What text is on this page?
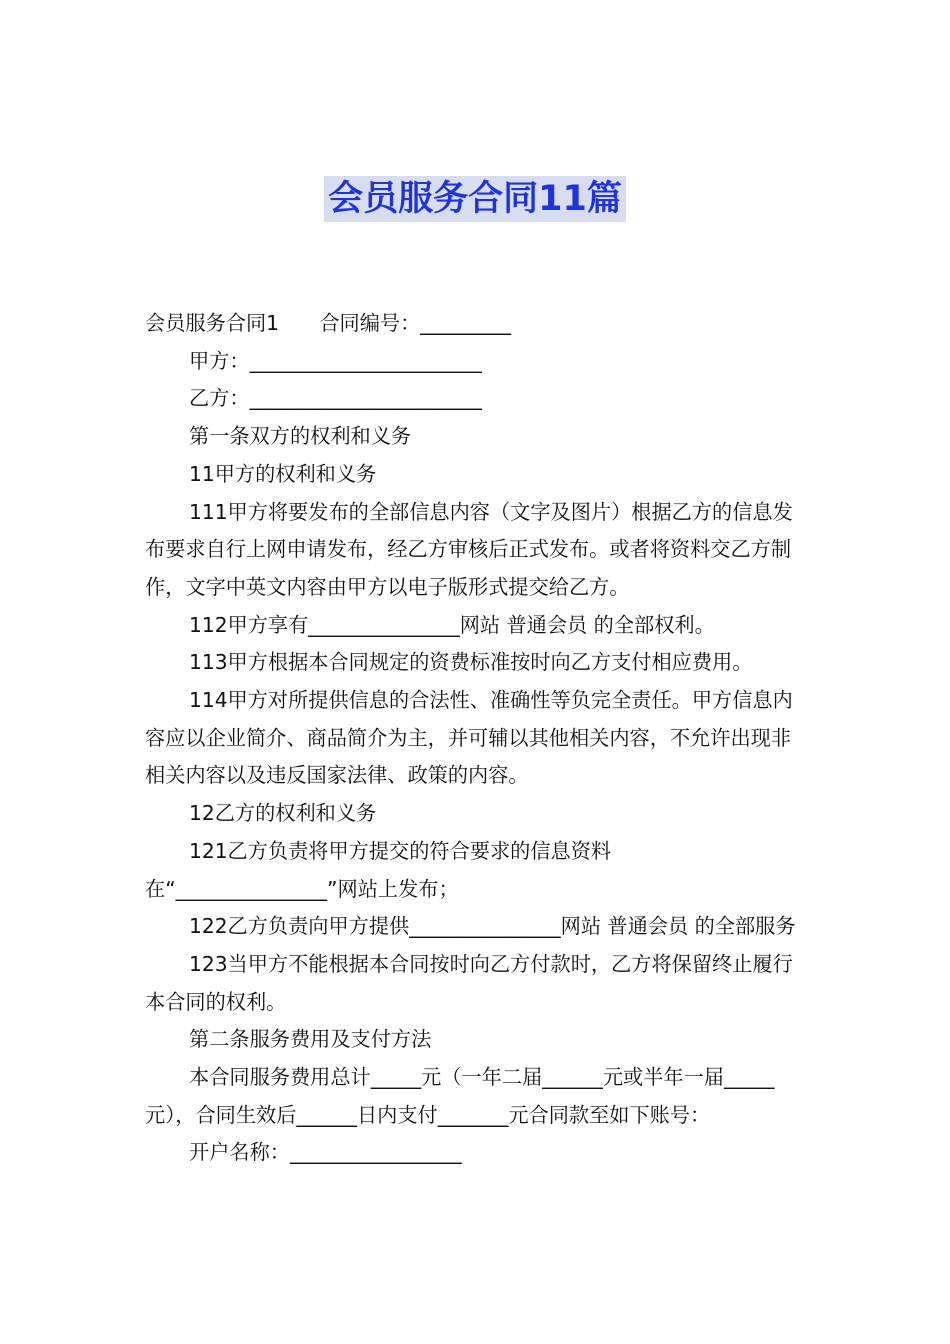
会员服务合同11篇

会员服务合同1　　合同编号：_________

甲方：_______________________

乙方：_______________________

第一条双方的权利和义务

11甲方的权利和义务

111甲方将要发布的全部信息内容（文字及图片）根据乙方的信息发布要求自行上网申请发布，经乙方审核后正式发布。或者将资料交乙方制作，文字中英文内容由甲方以电子版形式提交给乙方。

112甲方享有_______________网站 普通会员 的全部权利。

113甲方根据本合同规定的资费标准按时向乙方支付相应费用。

114甲方对所提供信息的合法性、准确性等负完全责任。甲方信息内容应以企业简介、商品简介为主，并可辅以其他相关内容，不允许出现非相关内容以及违反国家法律、政策的内容。

12乙方的权利和义务

121乙方负责将甲方提交的符合要求的信息资料在“_______________”网站上发布；

122乙方负责向甲方提供_______________网站 普通会员 的全部服务

123当甲方不能根据本合同按时向乙方付款时，乙方将保留终止履行本合同的权利。

第二条服务费用及支付方法

本合同服务费用总计_____元（一年二届______元或半年一届_____元），合同生效后______日内支付_______元合同款至如下账号：

开户名称：_________________
